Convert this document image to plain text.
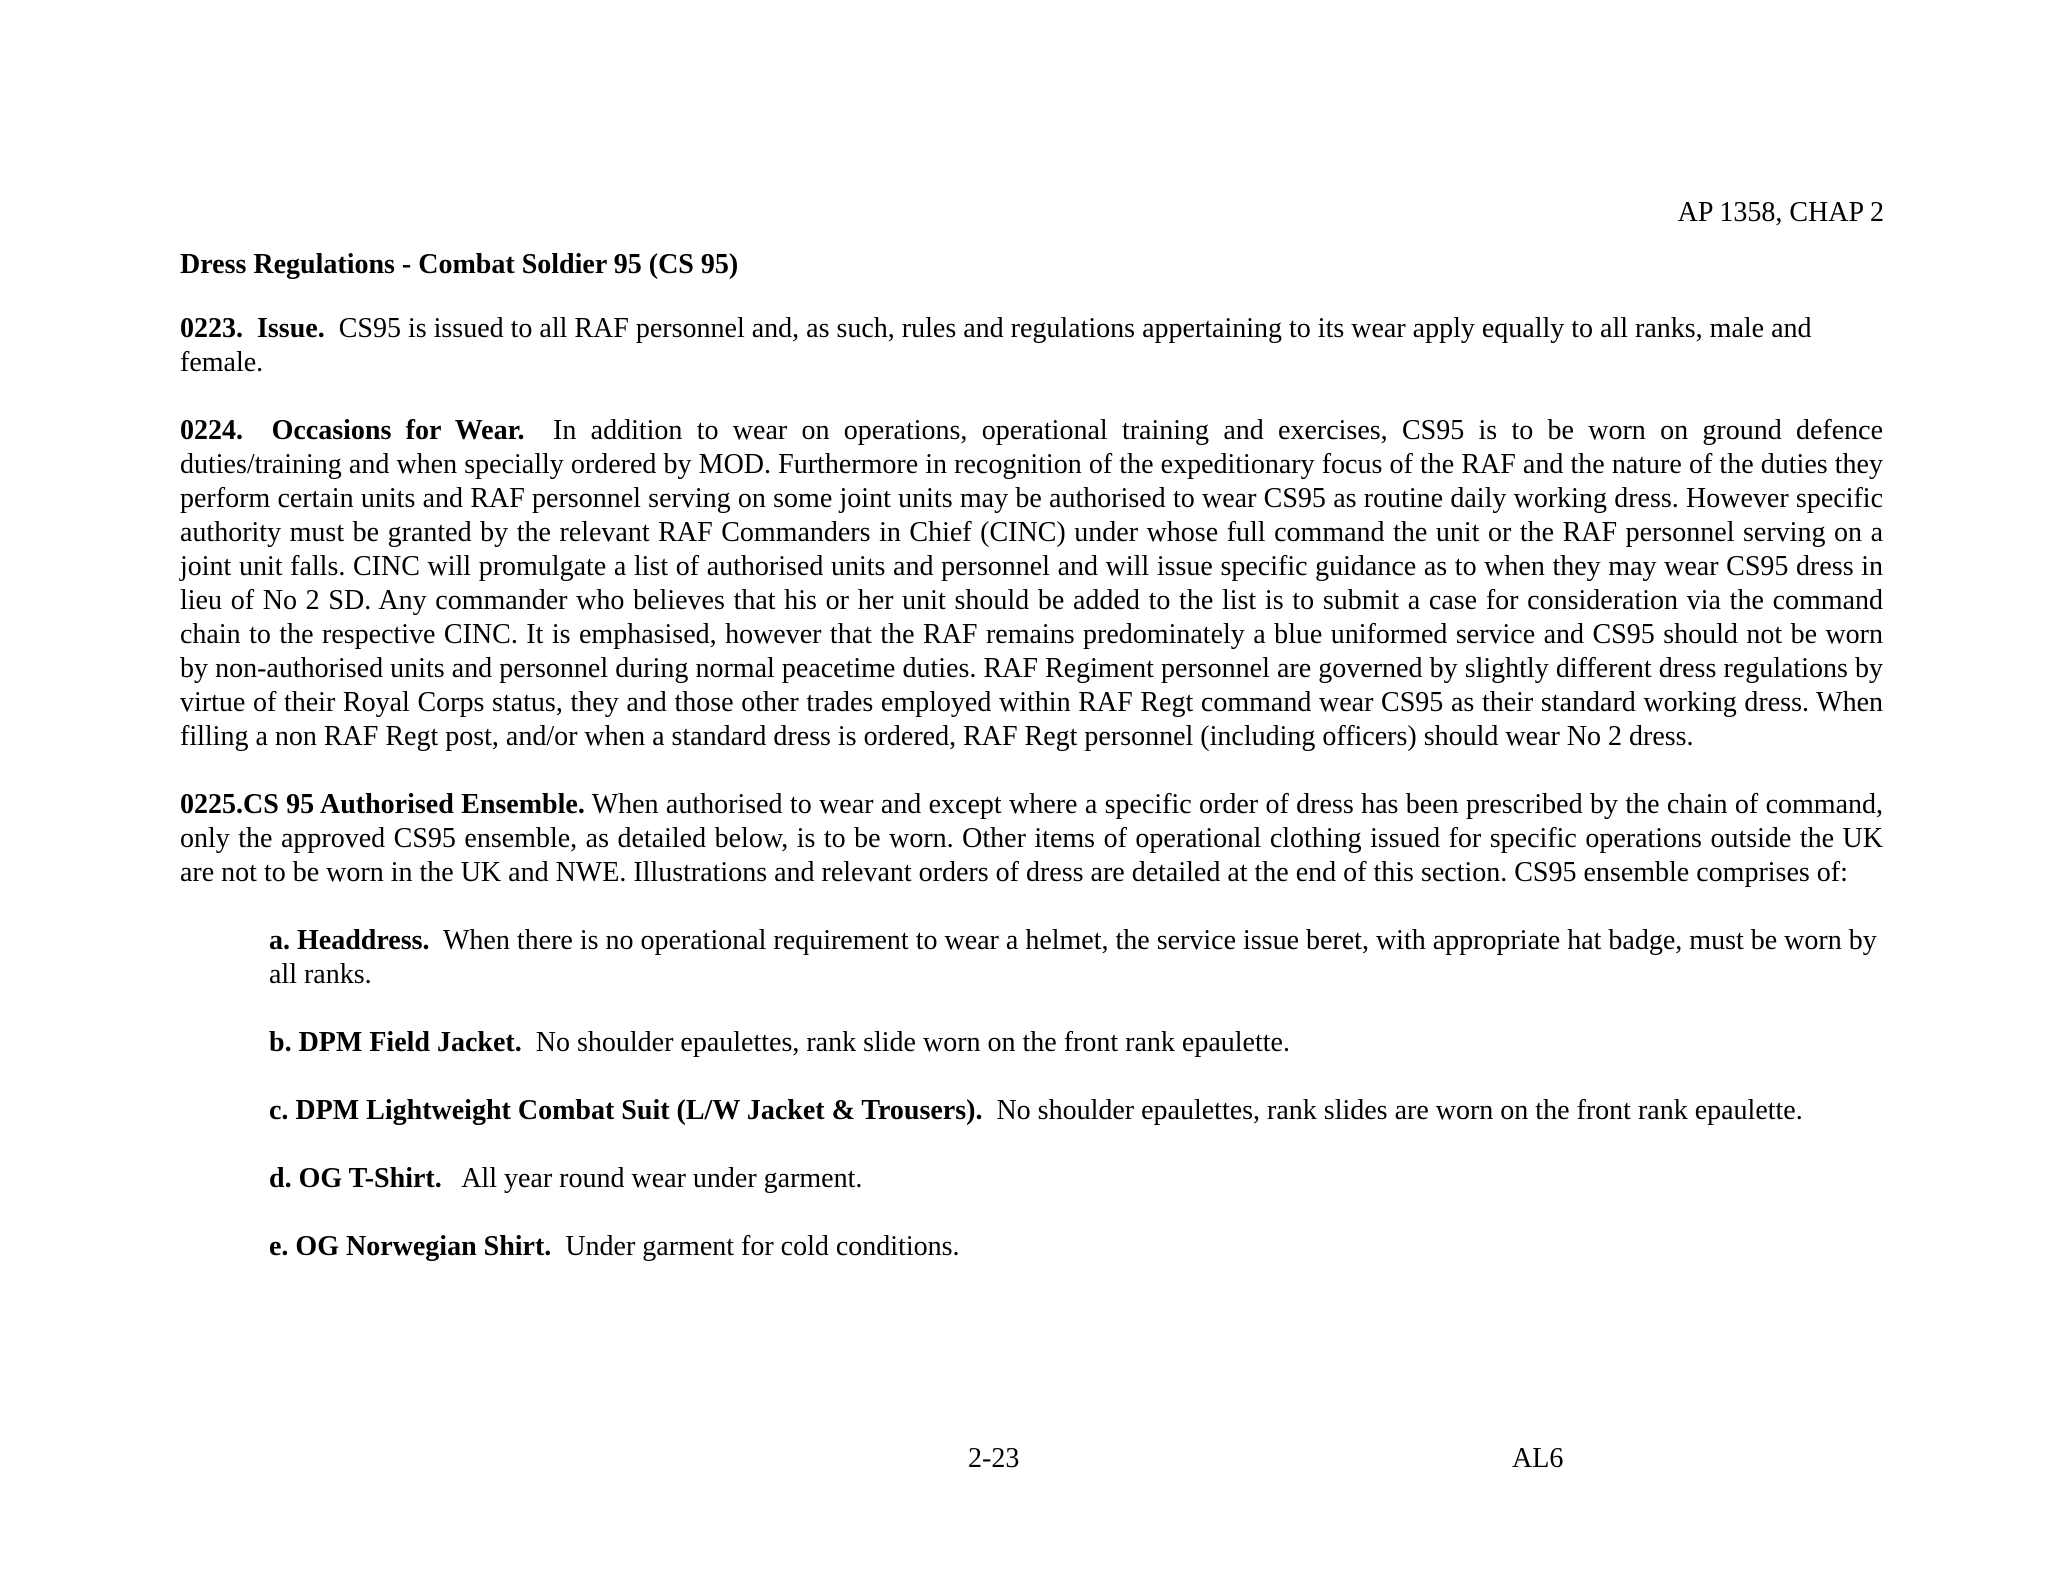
AP 1358, CHAP 2
Dress Regulations - Combat Soldier 95 (CS 95)

0223. Issue. CS95 is issued to all RAF personnel and, as such, rules and regulations appertaining to its wear apply equally to all ranks, male and female.

0224. Occasions for Wear. In addition to wear on operations, operational training and exercises, CS95 is to be worn on ground defence duties/training and when specially ordered by MOD. Furthermore in recognition of the expeditionary focus of the RAF and the nature of the duties they perform certain units and RAF personnel serving on some joint units may be authorised to wear CS95 as routine daily working dress. However specific authority must be granted by the relevant RAF Commanders in Chief (CINC) under whose full command the unit or the RAF personnel serving on a joint unit falls. CINC will promulgate a list of authorised units and personnel and will issue specific guidance as to when they may wear CS95 dress in lieu of No 2 SD. Any commander who believes that his or her unit should be added to the list is to submit a case for consideration via the command chain to the respective CINC. It is emphasised, however that the RAF remains predominately a blue uniformed service and CS95 should not be worn by non-authorised units and personnel during normal peacetime duties. RAF Regiment personnel are governed by slightly different dress regulations by virtue of their Royal Corps status, they and those other trades employed within RAF Regt command wear CS95 as their standard working dress. When filling a non RAF Regt post, and/or when a standard dress is ordered, RAF Regt personnel (including officers) should wear No 2 dress.

0225.CS 95 Authorised Ensemble. When authorised to wear and except where a specific order of dress has been prescribed by the chain of command, only the approved CS95 ensemble, as detailed below, is to be worn. Other items of operational clothing issued for specific operations outside the UK are not to be worn in the UK and NWE. Illustrations and relevant orders of dress are detailed at the end of this section. CS95 ensemble comprises of:

a. Headdress. When there is no operational requirement to wear a helmet, the service issue beret, with appropriate hat badge, must be worn by all ranks.

b. DPM Field Jacket. No shoulder epaulettes, rank slide worn on the front rank epaulette.

c. DPM Lightweight Combat Suit (L/W Jacket & Trousers). No shoulder epaulettes, rank slides are worn on the front rank epaulette.

d. OG T-Shirt. All year round wear under garment.

e. OG Norwegian Shirt. Under garment for cold conditions.

2-23	AL6
